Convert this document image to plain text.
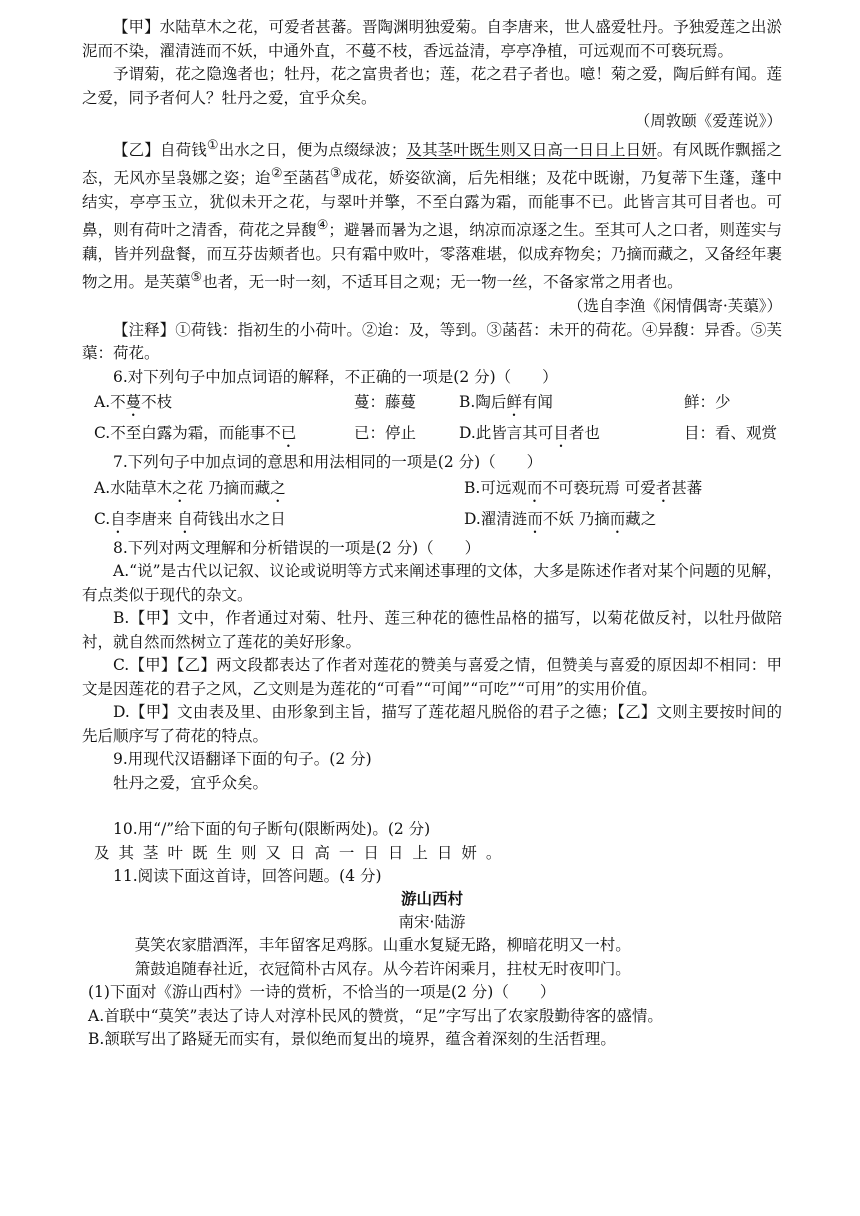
【甲】水陆草木之花，可爱者甚蕃。晋陶渊明独爱菊。自李唐来，世人盛爱牡丹。予独爱莲之出淤泥而不染，濯清涟而不妖，中通外直，不蔓不枝，香远益清，亭亭净植，可远观而不可亵玩焉。

予谓菊，花之隐逸者也；牡丹，花之富贵者也；莲，花之君子者也。噫！菊之爱，陶后鲜有闻。莲之爱，同予者何人？牡丹之爱，宜乎众矣。

（周敦颐《爱莲说》）

【乙】自荷钱①出水之日，便为点缀绿波；及其茎叶既生则又日高一日日上日妍。有风既作飘摇之态，无风亦呈袅娜之姿；迨②至菡萏③成花，娇姿欲滴，后先相继；及花中既谢，乃复蒂下生蓬，蓬中结实，亭亭玉立，犹似未开之花，与翠叶并擎，不至白露为霜，而能事不已。此皆言其可目者也。可鼻，则有荷叶之清香，荷花之异馥④；避暑而暑为之退，纳凉而凉逐之生。至其可人之口者，则莲实与藕，皆并列盘餐，而互芬齿颊者也。只有霜中败叶，零落难堪，似成弃物矣；乃摘而藏之，又备经年裹物之用。是芙蕖⑤也者，无一时一刻，不适耳目之观；无一物一丝，不备家常之用者也。

（选自李渔《闲情偶寄·芙蕖》）

【注释】①荷钱：指初生的小荷叶。②迨：及，等到。③菡萏：未开的荷花。④异馥：异香。⑤芙蕖：荷花。

6.对下列句子中加点词语的解释，不正确的一项是(2 分)（　　）

A.不蔓不枝	蔓：藤蔓	B.陶后鲜有闻	鲜：少
C.不至白露为霜，而能事不已	已：停止	D.此皆言其可目者也	目：看、观赏

7.下列句子中加点词的意思和用法相同的一项是(2 分)（　　）

A.水陆草木之花 乃摘而藏之	B.可远观而不可亵玩焉 可爱者甚蕃
C.自李唐来 自荷钱出水之日	D.濯清涟而不妖 乃摘而藏之

8.下列对两文理解和分析错误的一项是(2 分)（　　）

A.“说”是古代以记叙、议论或说明等方式来阐述事理的文体，大多是陈述作者对某个问题的见解，有点类似于现代的杂文。

B.【甲】文中，作者通过对菊、牡丹、莲三种花的德性品格的描写，以菊花做反衬，以牡丹做陪衬，就自然而然树立了莲花的美好形象。

C.【甲】【乙】两文段都表达了作者对莲花的赞美与喜爱之情，但赞美与喜爱的原因却不相同：甲文是因莲花的君子之风，乙文则是为莲花的“可看”“可闻”“可吃”“可用”的实用价值。

D.【甲】文由表及里、由形象到主旨，描写了莲花超凡脱俗的君子之德；【乙】文则主要按时间的先后顺序写了荷花的特点。

9.用现代汉语翻译下面的句子。(2 分)

牡丹之爱，宜乎众矣。

10.用“/”给下面的句子断句(限断两处)。(2 分)

及其茎叶既生则又日高一日日上日妍。

11.阅读下面这首诗，回答问题。(4 分)

游山西村

南宋·陆游

莫笑农家腊酒浑，丰年留客足鸡豚。山重水复疑无路，柳暗花明又一村。

箫鼓追随春社近，衣冠简朴古风存。从今若许闲乘月，拄杖无时夜叩门。

(1)下面对《游山西村》一诗的赏析，不恰当的一项是(2 分)（　　）

A.首联中“莫笑”表达了诗人对淳朴民风的赞赏，“足”字写出了农家殷勤待客的盛情。

B.颔联写出了路疑无而实有，景似绝而复出的境界，蕴含着深刻的生活哲理。
